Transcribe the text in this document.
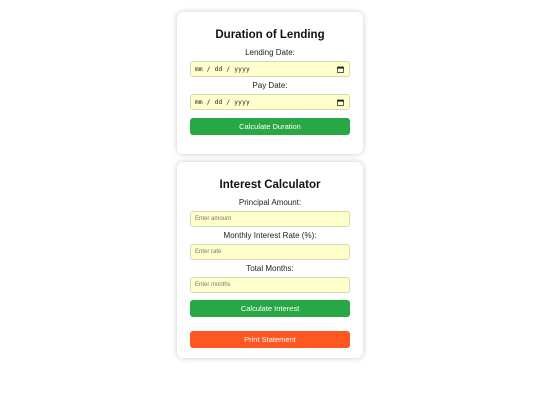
Duration of Lending
Lending Date:
mm / dd / yyyy
Pay Date:
mm / dd / yyyy
Calculate Duration
Interest Calculator
Principal Amount:
Enter amount
Monthly Interest Rate (%):
Enter rate
Total Months:
Enter months
Calculate Interest
Print Statement
